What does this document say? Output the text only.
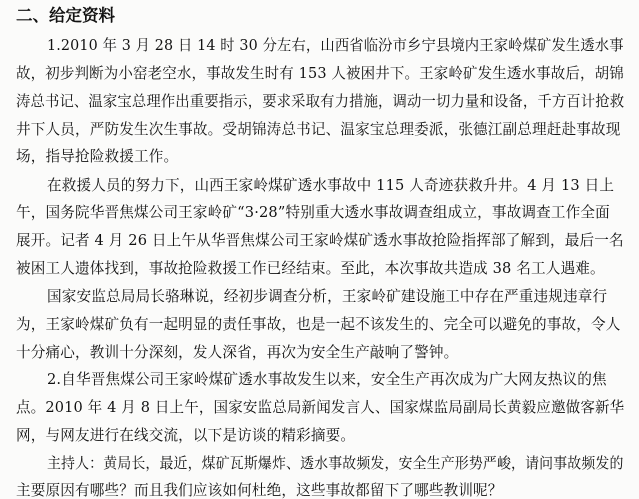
二、给定资料
1.2010 年 3 月 28 日 14 时 30 分左右，山西省临汾市乡宁县境内王家岭煤矿发生透水事
故，初步判断为小窑老空水，事故发生时有 153 人被困井下。王家岭矿发生透水事故后，胡锦
涛总书记、温家宝总理作出重要指示，要求采取有力措施，调动一切力量和设备，千方百计抢救
井下人员，严防发生次生事故。受胡锦涛总书记、温家宝总理委派，张德江副总理赶赴事故现
场，指导抢险救援工作。
在救援人员的努力下，山西王家岭煤矿透水事故中 115 人奇迹获救升井。4 月 13 日上
午，国务院华晋焦煤公司王家岭矿“3·28”特别重大透水事故调查组成立，事故调查工作全面
展开。记者 4 月 26 日上午从华晋焦煤公司王家岭煤矿透水事故抢险指挥部了解到，最后一名
被困工人遗体找到，事故抢险救援工作已经结束。至此，本次事故共造成 38 名工人遇难。
国家安监总局局长骆琳说，经初步调查分析，王家岭矿建设施工中存在严重违规违章行
为，王家岭煤矿负有一起明显的责任事故，也是一起不该发生的、完全可以避免的事故，令人
十分痛心，教训十分深刻，发人深省，再次为安全生产敲响了警钟。
2.自华晋焦煤公司王家岭煤矿透水事故发生以来，安全生产再次成为广大网友热议的焦
点。2010 年 4 月 8 日上午，国家安监总局新闻发言人、国家煤监局副局长黄毅应邀做客新华
网，与网友进行在线交流，以下是访谈的精彩摘要。
主持人：黄局长，最近，煤矿瓦斯爆炸、透水事故频发，安全生产形势严峻，请问事故频发的
主要原因有哪些？而且我们应该如何杜绝，这些事故都留下了哪些教训呢？
